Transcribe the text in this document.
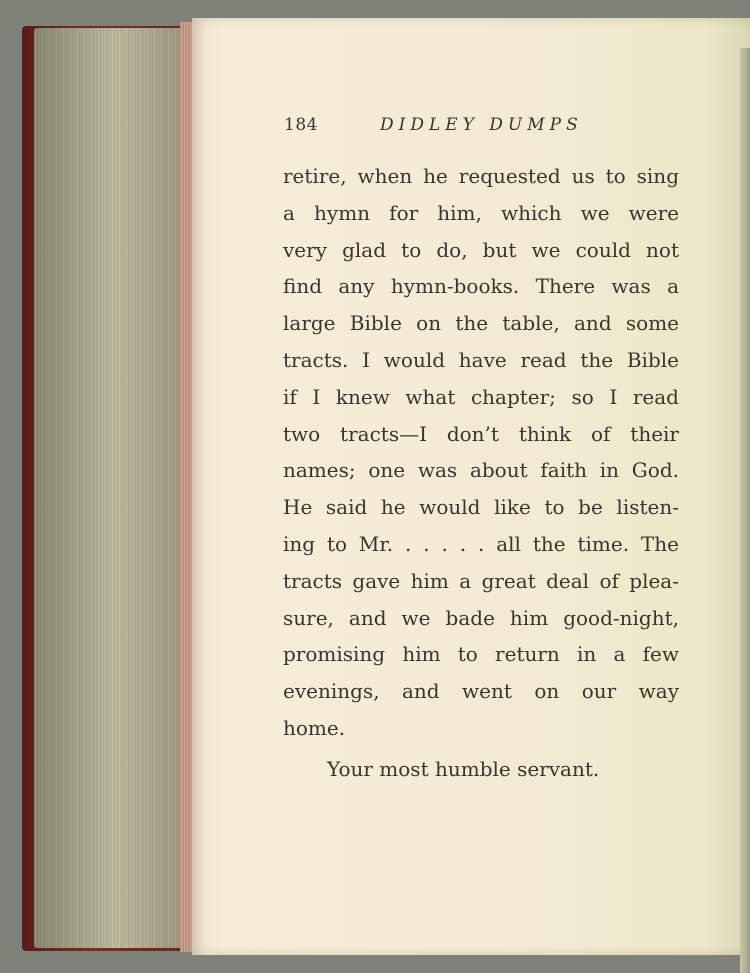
184	DIDLEY DUMPS
retire, when he requested us to sing
a hymn for him, which we were
very glad to do, but we could not
find any hymn-books. There was a
large Bible on the table, and some
tracts. I would have read the Bible
if I knew what chapter; so I read
two tracts—I don’t think of their
names; one was about faith in God.
He said he would like to be listen-
ing to Mr. . . . . . all the time. The
tracts gave him a great deal of plea-
sure, and we bade him good-night,
promising him to return in a few
evenings, and went on our way
home.
Your most humble servant.
